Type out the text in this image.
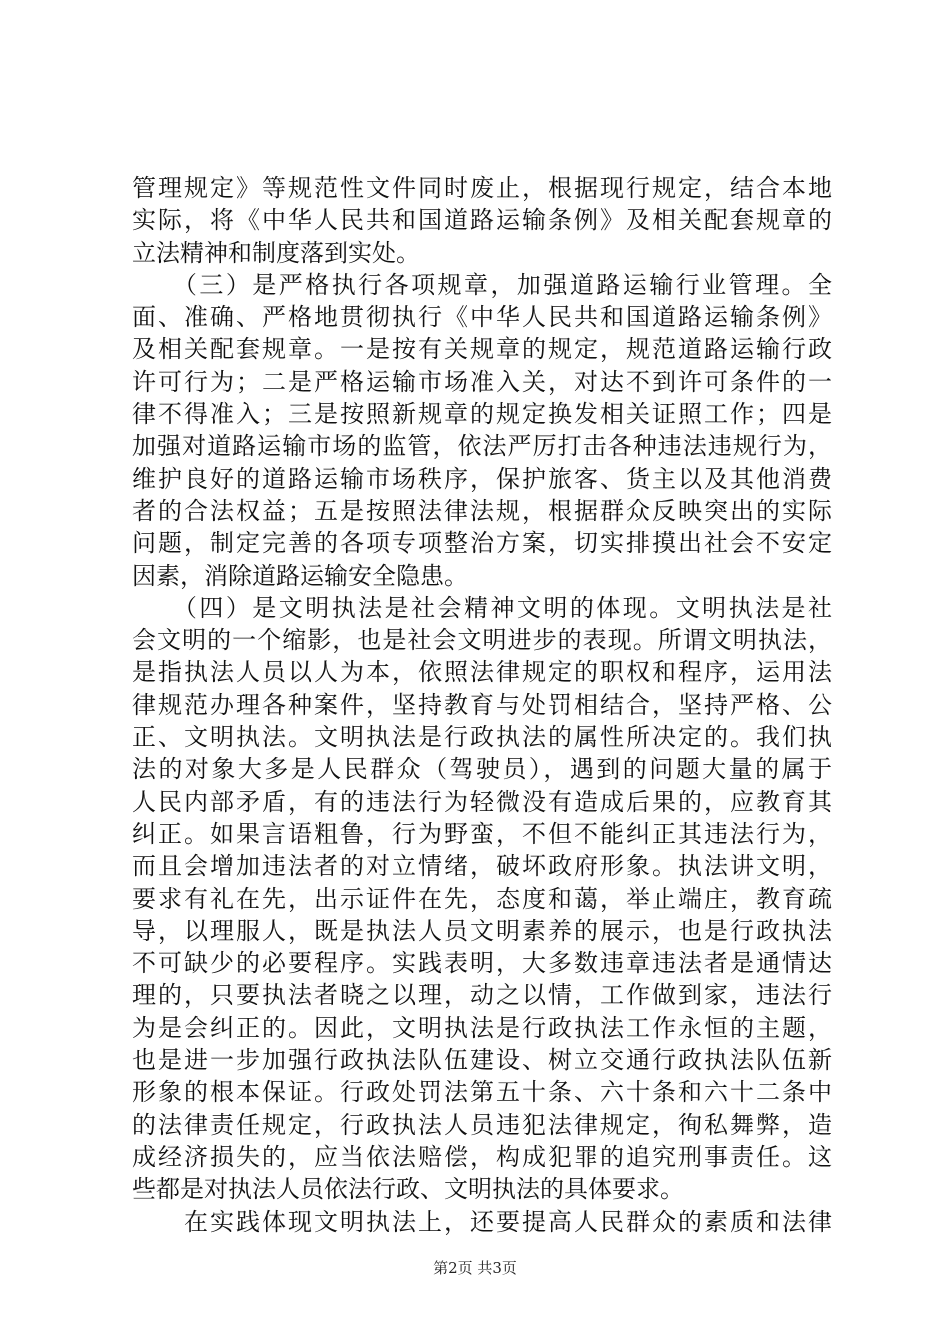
管理规定》等规范性文件同时废止，根据现行规定，结合本地
实际，将《中华人民共和国道路运输条例》及相关配套规章的
立法精神和制度落到实处。
　　（三）是严格执行各项规章，加强道路运输行业管理。全
面、准确、严格地贯彻执行《中华人民共和国道路运输条例》
及相关配套规章。一是按有关规章的规定，规范道路运输行政
许可行为；二是严格运输市场准入关，对达不到许可条件的一
律不得准入；三是按照新规章的规定换发相关证照工作；四是
加强对道路运输市场的监管，依法严厉打击各种违法违规行为，
维护良好的道路运输市场秩序，保护旅客、货主以及其他消费
者的合法权益；五是按照法律法规，根据群众反映突出的实际
问题，制定完善的各项专项整治方案，切实排摸出社会不安定
因素，消除道路运输安全隐患。
　　（四）是文明执法是社会精神文明的体现。文明执法是社
会文明的一个缩影，也是社会文明进步的表现。所谓文明执法，
是指执法人员以人为本，依照法律规定的职权和程序，运用法
律规范办理各种案件，坚持教育与处罚相结合，坚持严格、公
正、文明执法。文明执法是行政执法的属性所决定的。我们执
法的对象大多是人民群众（驾驶员），遇到的问题大量的属于
人民内部矛盾，有的违法行为轻微没有造成后果的，应教育其
纠正。如果言语粗鲁，行为野蛮，不但不能纠正其违法行为，
而且会增加违法者的对立情绪，破坏政府形象。执法讲文明，
要求有礼在先，出示证件在先，态度和蔼，举止端庄，教育疏
导，以理服人，既是执法人员文明素养的展示，也是行政执法
不可缺少的必要程序。实践表明，大多数违章违法者是通情达
理的，只要执法者晓之以理，动之以情，工作做到家，违法行
为是会纠正的。因此，文明执法是行政执法工作永恒的主题，
也是进一步加强行政执法队伍建设、树立交通行政执法队伍新
形象的根本保证。行政处罚法第五十条、六十条和六十二条中
的法律责任规定，行政执法人员违犯法律规定，徇私舞弊，造
成经济损失的，应当依法赔偿，构成犯罪的追究刑事责任。这
些都是对执法人员依法行政、文明执法的具体要求。
　　在实践体现文明执法上，还要提高人民群众的素质和法律
第2页 共3页
